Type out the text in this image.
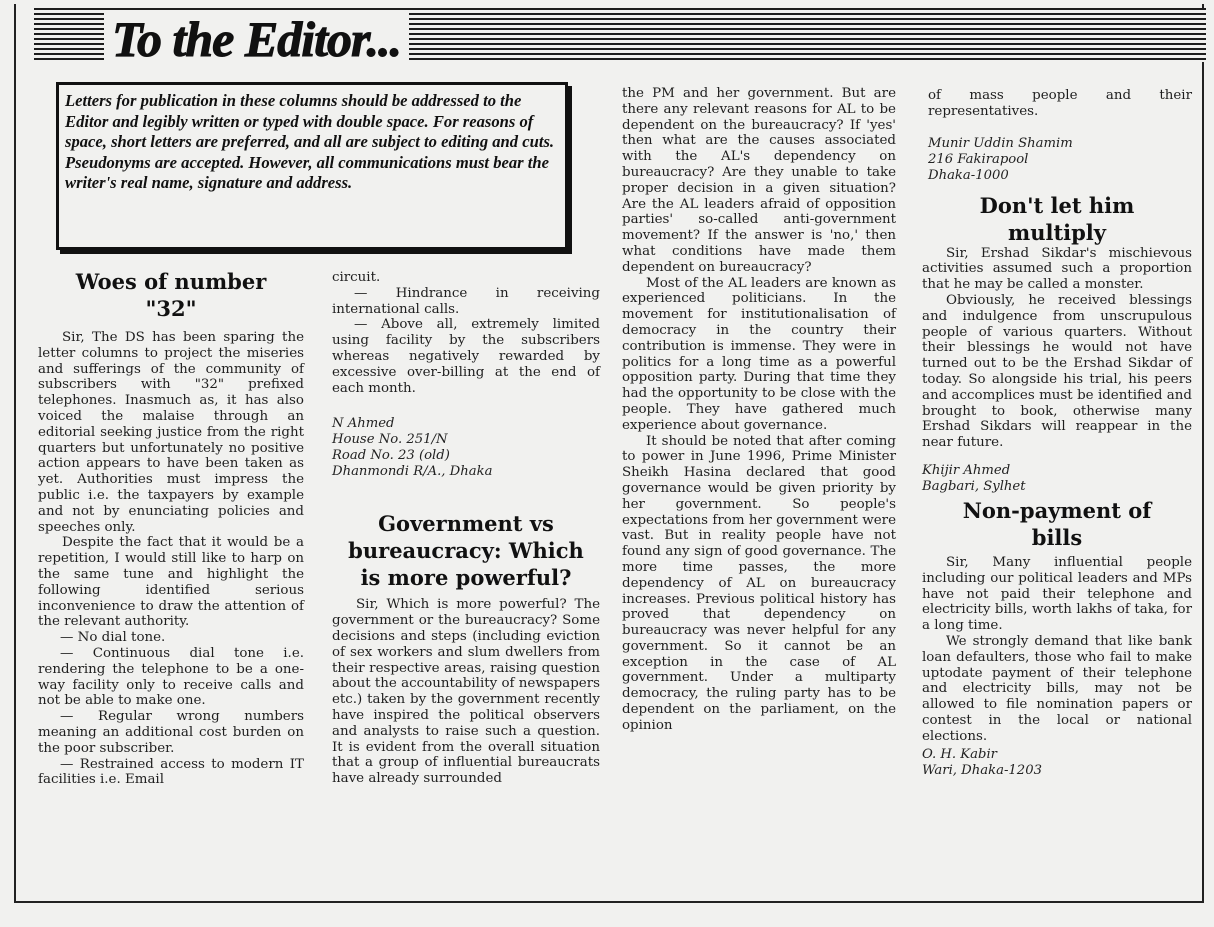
To the Editor...
Letters for publication in these columns should be addressed to the Editor and legibly written or typed with double space. For reasons of space, short letters are preferred, and all are subject to editing and cuts. Pseudonyms are accepted. However, all communications must bear the writer's real name, signature and address.
Woes of number "32"

Sir, The DS has been sparing the letter columns to project the miseries and sufferings of the community of subscribers with "32" prefixed telephones. Inasmuch as, it has also voiced the malaise through an editorial seeking justice from the right quarters but unfortunately no positive action appears to have been taken as yet. Authorities must impress the public i.e. the taxpayers by example and not by enunciating policies and speeches only.

Despite the fact that it would be a repetition, I would still like to harp on the same tune and highlight the following identified serious inconvenience to draw the attention of the relevant authority.

— No dial tone.

— Continuous dial tone i.e. rendering the telephone to be a one-way facility only to receive calls and not be able to make one.

— Regular wrong numbers meaning an additional cost burden on the poor subscriber.

— Restrained access to modern IT facilities i.e. Email

circuit.

— Hindrance in receiving international calls.

— Above all, extremely limited using facility by the subscribers whereas negatively rewarded by excessive over-billing at the end of each month.

N Ahmed
House No. 251/N
Road No. 23 (old)
Dhanmondi R/A., Dhaka
Government vs bureaucracy: Which is more powerful?

Sir, Which is more powerful? The government or the bureaucracy? Some decisions and steps (including eviction of sex workers and slum dwellers from their respective areas, raising question about the accountability of newspapers etc.) taken by the government recently have inspired the political observers and analysts to raise such a question. It is evident from the overall situation that a group of influential bureaucrats have already surrounded

the PM and her government. But are there any relevant reasons for AL to be dependent on the bureaucracy? If 'yes' then what are the causes associated with the AL's dependency on bureaucracy? Are they unable to take proper decision in a given situation? Are the AL leaders afraid of opposition parties' so-called anti-government movement? If the answer is 'no,' then what conditions have made them dependent on bureaucracy?

Most of the AL leaders are known as experienced politicians. In the movement for institutionalisation of democracy in the country their contribution is immense. They were in politics for a long time as a powerful opposition party. During that time they had the opportunity to be close with the people. They have gathered much experience about governance.

It should be noted that after coming to power in June 1996, Prime Minister Sheikh Hasina declared that good governance would be given priority by her government. So people's expectations from her government were vast. But in reality people have not found any sign of good governance. The more time passes, the more dependency of AL on bureaucracy increases. Previous political history has proved that dependency on bureaucracy was never helpful for any government. So it cannot be an exception in the case of AL government. Under a multiparty democracy, the ruling party has to be dependent on the parliament, on the opinion

of mass people and their representatives.

Munir Uddin Shamim
216 Fakirapool
Dhaka-1000
Don't let him multiply

Sir, Ershad Sikdar's mischievous activities assumed such a proportion that he may be called a monster.

Obviously, he received blessings and indulgence from unscrupulous people of various quarters. Without their blessings he would not have turned out to be the Ershad Sikdar of today. So alongside his trial, his peers and accomplices must be identified and brought to book, otherwise many Ershad Sikdars will reappear in the near future.

Khijir Ahmed
Bagbari, Sylhet
Non-payment of bills

Sir, Many influential people including our political leaders and MPs have not paid their telephone and electricity bills, worth lakhs of taka, for a long time.

We strongly demand that like bank loan defaulters, those who fail to make uptodate payment of their telephone and electricity bills, may not be allowed to file nomination papers or contest in the local or national elections.

O. H. Kabir
Wari, Dhaka-1203
